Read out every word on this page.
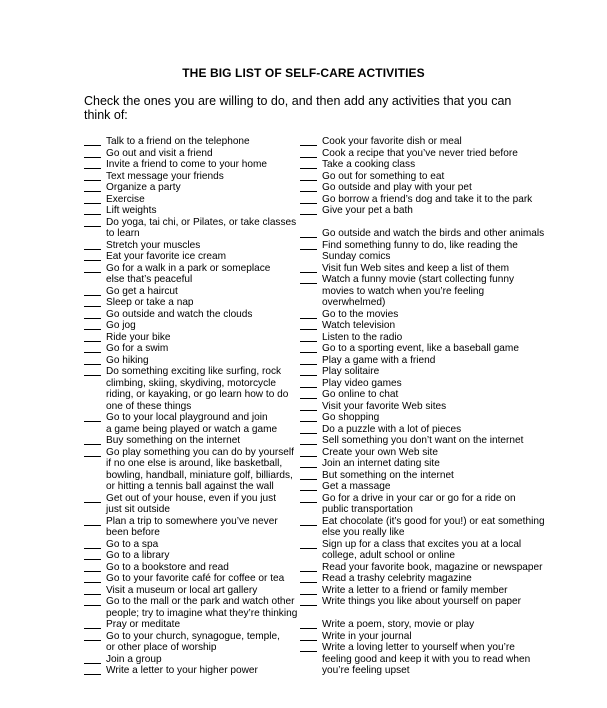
THE BIG LIST OF SELF-CARE ACTIVITIES
Check the ones you are willing to do, and then add any activities that you can think of:
Talk to a friend on the telephone
Go out and visit a friend
Invite a friend to come to your home
Text message your friends
Organize a party
Exercise
Lift weights
Do yoga, tai chi, or Pilates, or take classes
to learn
Stretch your muscles
Eat your favorite ice cream
Go for a walk in a park or someplace
else that’s peaceful
Go get a haircut
Sleep or take a nap
Go outside and watch the clouds
Go jog
Ride your bike
Go for a swim
Go hiking
Do something exciting like surfing, rock
climbing, skiing, skydiving, motorcycle
riding, or kayaking, or go learn how to do
one of these things
Go to your local playground and join
a game being played or watch a game
Buy something on the internet
Go play something you can do by yourself
if no one else is around, like basketball,
bowling, handball, miniature golf, billiards,
or hitting a tennis ball against the wall
Get out of your house, even if you just
just sit outside
Plan a trip to somewhere you’ve never
been before
Go to a spa
Go to a library
Go to a bookstore and read
Go to your favorite café for coffee or tea
Visit a museum or local art gallery
Go to the mall or the park and watch other
people; try to imagine what they’re thinking
Pray or meditate
Go to your church, synagogue, temple,
or other place of worship
Join a group
Write a letter to your higher power
Cook your favorite dish or meal
Cook a recipe that you’ve never tried before
Take a cooking class
Go out for something to eat
Go outside and play with your pet
Go borrow a friend’s dog and take it to the park
Give your pet a bath
Go outside and watch the birds and other animals
Find something funny to do, like reading the
Sunday comics
Visit fun Web sites and keep a list of them
Watch a funny movie (start collecting funny
movies to watch when you’re feeling
overwhelmed)
Go to the movies
Watch television
Listen to the radio
Go to a sporting event, like a baseball game
Play a game with a friend
Play solitaire
Play video games
Go online to chat
Visit your favorite Web sites
Go shopping
Do a puzzle with a lot of pieces
Sell something you don’t want on the internet
Create your own Web site
Join an internet dating site
But something on the internet
Get a massage
Go for a drive in your car or go for a ride on
public transportation
Eat chocolate (it’s good for you!) or eat something
else you really like
Sign up for a class that excites you at a local
college, adult school or online
Read your favorite book, magazine or newspaper
Read a trashy celebrity magazine
Write a letter to a friend or family member
Write things you like about yourself on paper
Write a poem, story, movie or play
Write in your journal
Write a loving letter to yourself when you’re
feeling good and keep it with you to read when
you’re feeling upset
